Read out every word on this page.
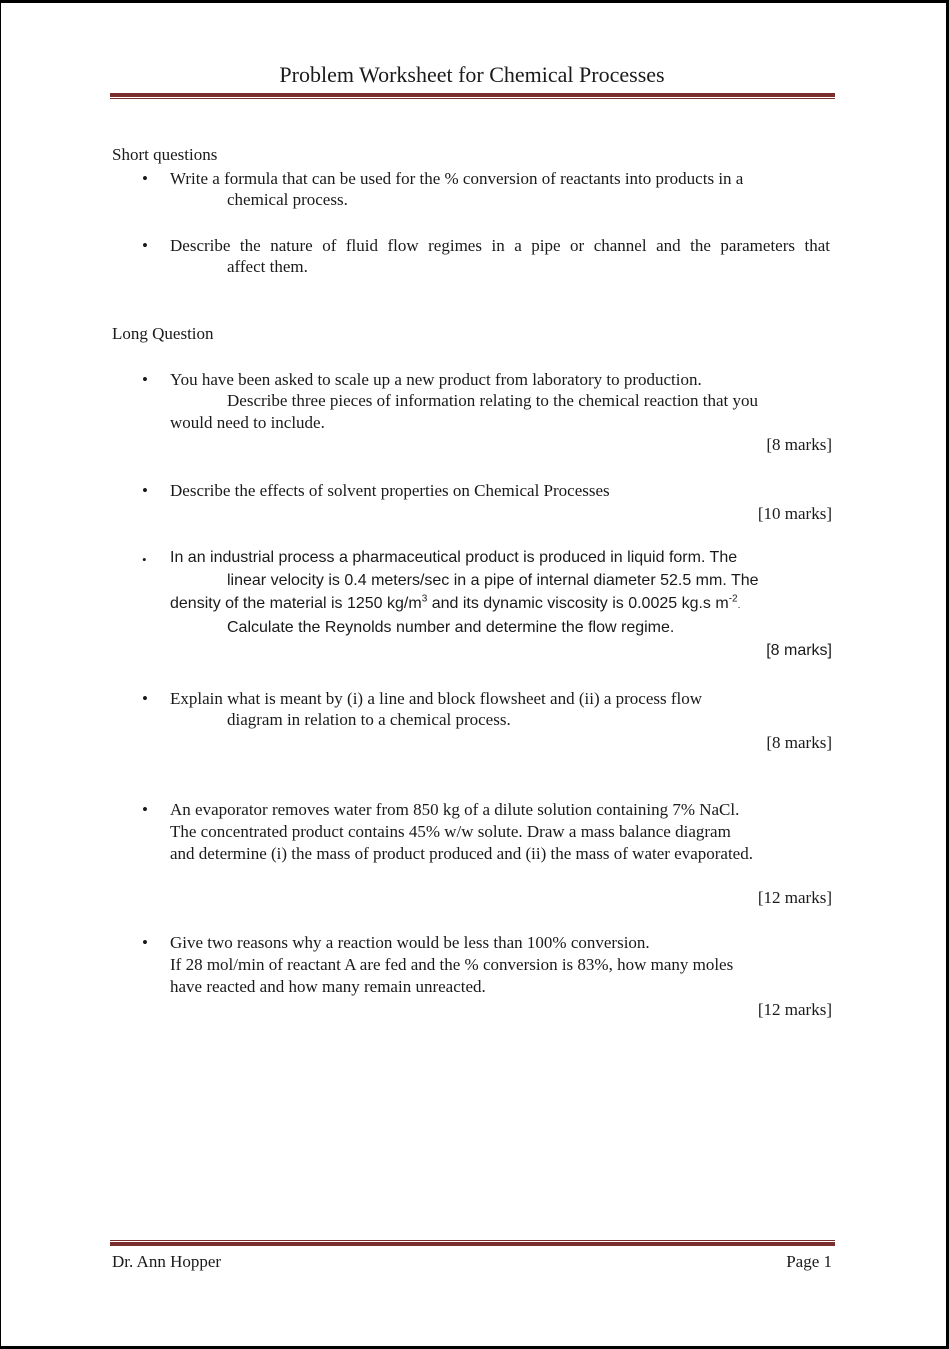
Problem Worksheet for Chemical Processes
Short questions
• Write a formula that can be used for the % conversion of reactants into products in a
chemical process.
• Describe the nature of fluid flow regimes in a pipe or channel and the parameters that
affect them.
Long Question
• You have been asked to scale up a new product from laboratory to production.
Describe three pieces of information relating to the chemical reaction that you
would need to include.
[8 marks]
• Describe the effects of solvent properties on Chemical Processes
[10 marks]
• In an industrial process a pharmaceutical product is produced in liquid form. The
linear velocity is 0.4 meters/sec in a pipe of internal diameter 52.5 mm. The
density of the material is 1250 $kg/m^3$ and its dynamic viscosity is 0.0025 kg.s $m^{-2}$.
Calculate the Reynolds number and determine the flow regime.
[8 marks]
• Explain what is meant by (i) a line and block flowsheet and (ii) a process flow
diagram in relation to a chemical process.
[8 marks]
• An evaporator removes water from 850 kg of a dilute solution containing 7% NaCl.
The concentrated product contains 45% w/w solute. Draw a mass balance diagram
and determine (i) the mass of product produced and (ii) the mass of water evaporated.
[12 marks]
• Give two reasons why a reaction would be less than 100% conversion.
If 28 mol/min of reactant A are fed and the % conversion is 83%, how many moles
have reacted and how many remain unreacted.
[12 marks]
Dr. Ann Hopper	Page 1
